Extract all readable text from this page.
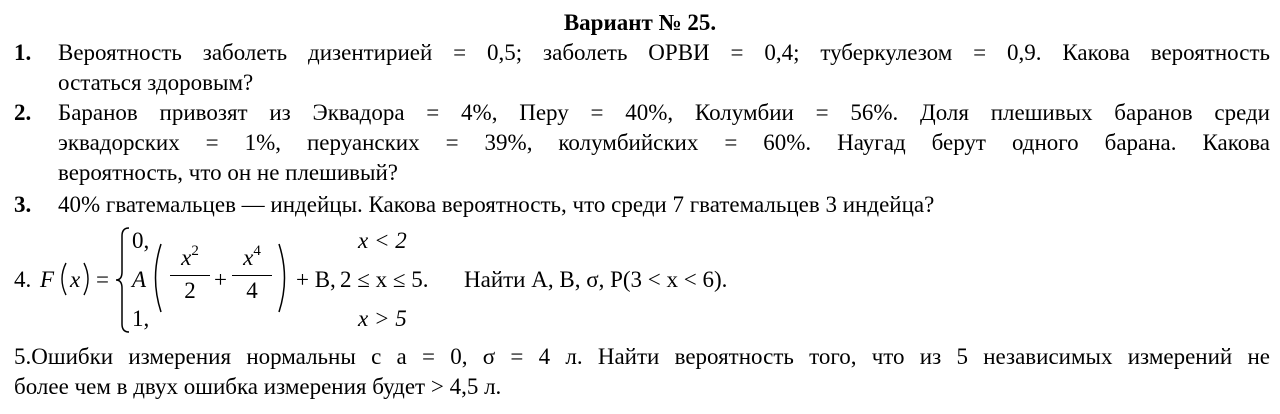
Вариант № 25.
1. Вероятность заболеть дизентирией = 0,5; заболеть ОРВИ = 0,4; туберкулезом = 0,9. Какова вероятность
остаться здоровым?
2. Баранов привозят из Эквадора = 4%, Перу = 40%, Колумбии = 56%. Доля плешивых баранов среди
эквадорских = 1%, перуанских = 39%, колумбийских = 60%. Наугад берут одного барана. Какова
вероятность, что он не плешивый?
3. 40% гватемальцев — индейцы. Какова вероятность, что среди 7 гватемальцев 3 индейца?
4. F x =
0,	x < 2
A $\frac{x^2}{2} + \frac{x^4}{4} + B$, 2 ≤ x ≤ 5. Найти A, B, σ, P(3 < x < 6).
1,	x > 5
5.Ошибки измерения нормальны с a = 0, σ = 4 л. Найти вероятность того, что из 5 независимых измерений не
более чем в двух ошибка измерения будет > 4,5 л.
